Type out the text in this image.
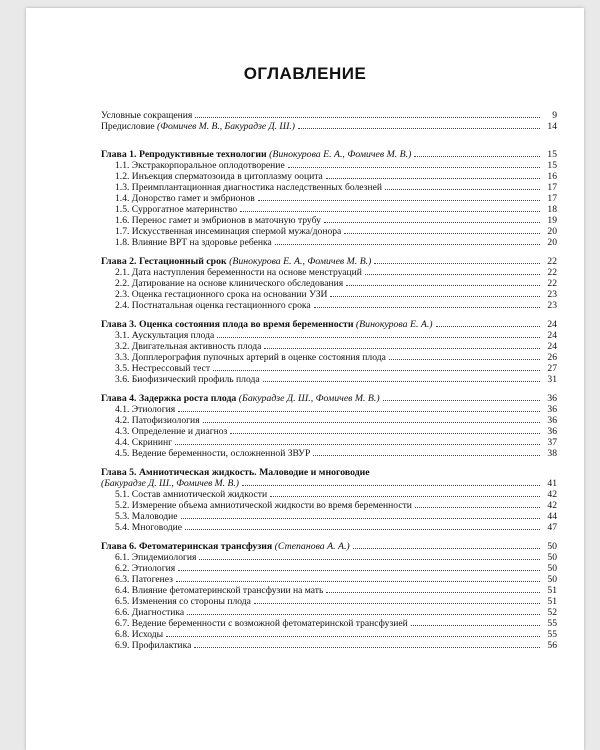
ОГЛАВЛЕНИЕ
Условные сокращения	9
Предисловие (Фомичев М. В., Бакурадзе Д. Ш.)	14
Глава 1. Репродуктивные технологии (Винокурова Е. А., Фомичев М. В.)	15
1.1. Экстракорпоральное оплодотворение	15
1.2. Инъекция сперматозоида в цитоплазму ооцита	16
1.3. Преимплантационная диагностика наследственных болезней	17
1.4. Донорство гамет и эмбрионов	17
1.5. Суррогатное материнство	18
1.6. Перенос гамет и эмбрионов в маточную трубу	19
1.7. Искусственная инсеминация спермой мужа/донора	20
1.8. Влияние ВРТ на здоровье ребенка	20
Глава 2. Гестационный срок (Винокурова Е. А., Фомичев М. В.)	22
2.1. Дата наступления беременности на основе менструаций	22
2.2. Датирование на основе клинического обследования	22
2.3. Оценка гестационного срока на основании УЗИ	23
2.4. Постнатальная оценка гестационного срока	23
Глава 3. Оценка состояния плода во время беременности (Винокурова Е. А.)	24
3.1. Аускультация плода	24
3.2. Двигательная активность плода	24
3.3. Допплерография пупочных артерий в оценке состояния плода	26
3.5. Нестрессовый тест	27
3.6. Биофизический профиль плода	31
Глава 4. Задержка роста плода (Бакурадзе Д. Ш., Фомичев М. В.)	36
4.1. Этиология	36
4.2. Патофизиология	36
4.3. Определение и диагноз	36
4.4. Скрининг	37
4.5. Ведение беременности, осложненной ЗВУР	38
Глава 5. Амниотическая жидкость. Маловодие и многоводие
(Бакурадзе Д. Ш., Фомичев М. В.)	41
5.1. Состав амниотической жидкости	42
5.2. Измерение объема амниотической жидкости во время беременности	42
5.3. Маловодие	44
5.4. Многоводие	47
Глава 6. Фетоматеринская трансфузия (Степанова А. А.)	50
6.1. Эпидемиология	50
6.2. Этиология	50
6.3. Патогенез	50
6.4. Влияние фетоматеринской трансфузии на мать	51
6.5. Изменения со стороны плода	51
6.6. Диагностика	52
6.7. Ведение беременности с возможной фетоматеринской трансфузией	55
6.8. Исходы	55
6.9. Профилактика	56
